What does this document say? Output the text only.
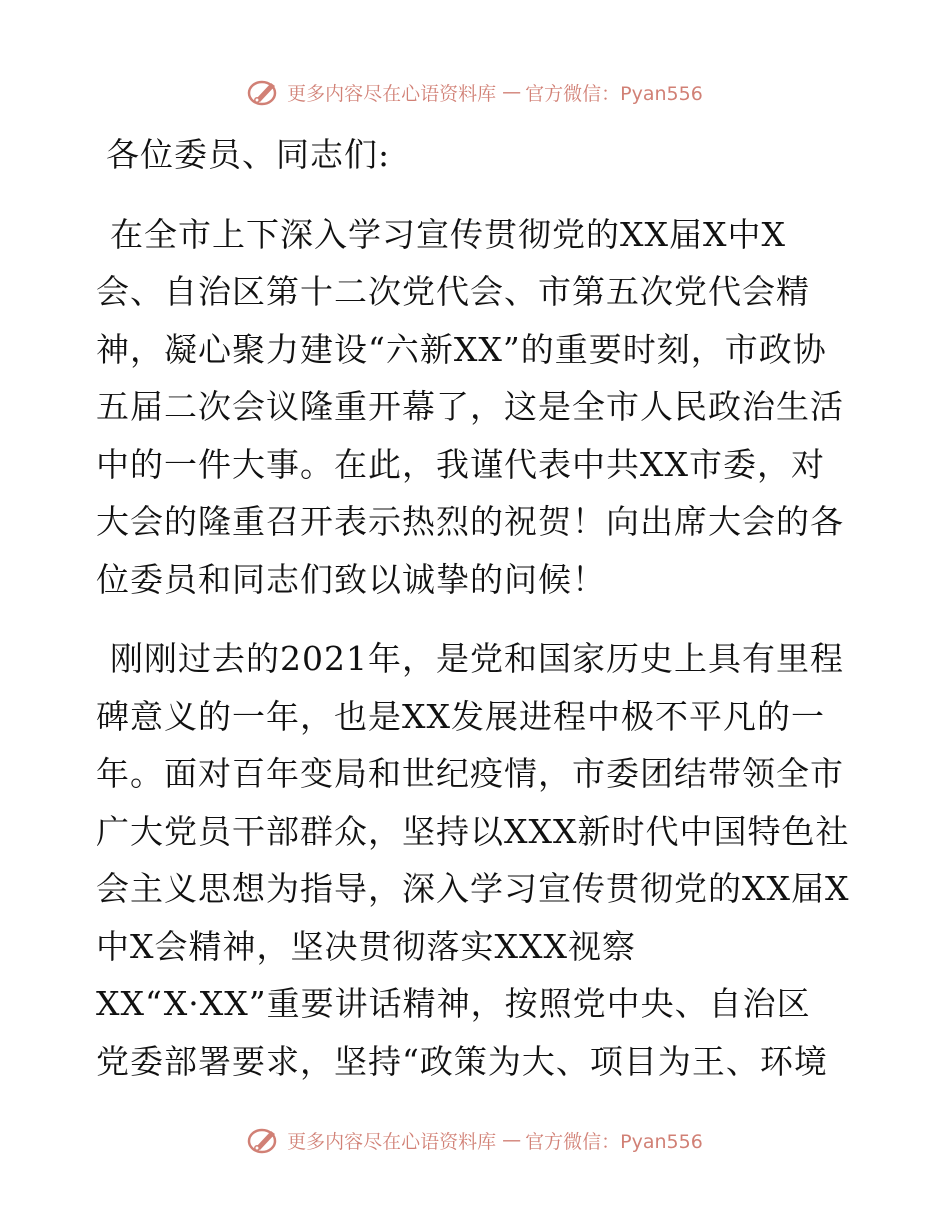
更多内容尽在心语资料库 — 官方微信：Pyan556

各位委员、同志们:

在全市上下深入学习宣传贯彻党的XX届X中X
会、自治区第十二次党代会、市第五次党代会精
神，凝心聚力建设“六新XX”的重要时刻，市政协
五届二次会议隆重开幕了，这是全市人民政治生活
中的一件大事。在此，我谨代表中共XX市委，对
大会的隆重召开表示热烈的祝贺！向出席大会的各
位委员和同志们致以诚挚的问候！
刚刚过去的2021年，是党和国家历史上具有里程
碑意义的一年，也是XX发展进程中极不平凡的一
年。面对百年变局和世纪疫情，市委团结带领全市
广大党员干部群众，坚持以XXX新时代中国特色社
会主义思想为指导，深入学习宣传贯彻党的XX届X
中X会精神，坚决贯彻落实XXX视察
XX“X·XX”重要讲话精神，按照党中央、自治区
党委部署要求，坚持“政策为大、项目为王、环境
更多内容尽在心语资料库 — 官方微信：Pyan556
